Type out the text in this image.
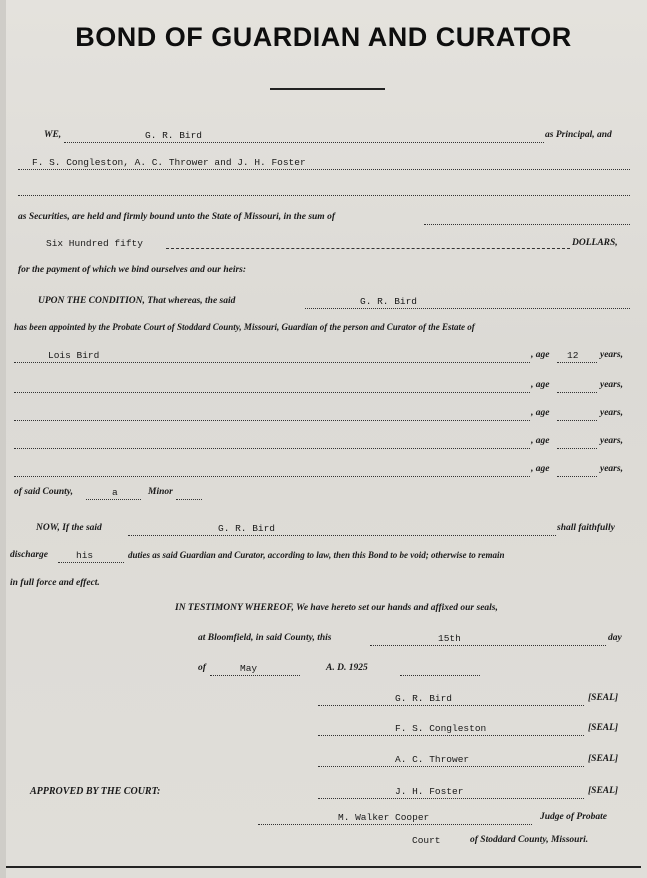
BOND OF GUARDIAN AND CURATOR
WE,	G. R. Bird	as Principal, and
F. S. Congleston, A. C. Thrower and J. H. Foster
as Securities, are held and firmly bound unto the State of Missouri, in the sum of
Six Hundred fifty	DOLLARS,
for the payment of which we bind ourselves and our heirs:
UPON THE CONDITION, That whereas, the said	G. R. Bird
has been appointed by the Probate Court of Stoddard County, Missouri, Guardian of the person and Curator of the Estate of
Lois Bird	, age 12 years,
, age	years,
, age	years,
, age	years,
, age	years,
of said County,	a	Minor
NOW, If the said	G. R. Bird	shall faithfully
discharge	his	duties as said Guardian and Curator, according to law, then this Bond to be void; otherwise to remain
in full force and effect.
IN TESTIMONY WHEREOF, We have hereto set our hands and affixed our seals,
at Bloomfield, in said County, this	15th	day
of	May	A. D. 1925
G. R. Bird	[SEAL]
F. S. Congleston	[SEAL]
A. C. Thrower	[SEAL]
APPROVED BY THE COURT:	J. H. Foster	[SEAL]
M. Walker Cooper	Judge of Probate
Court	of Stoddard County, Missouri.
